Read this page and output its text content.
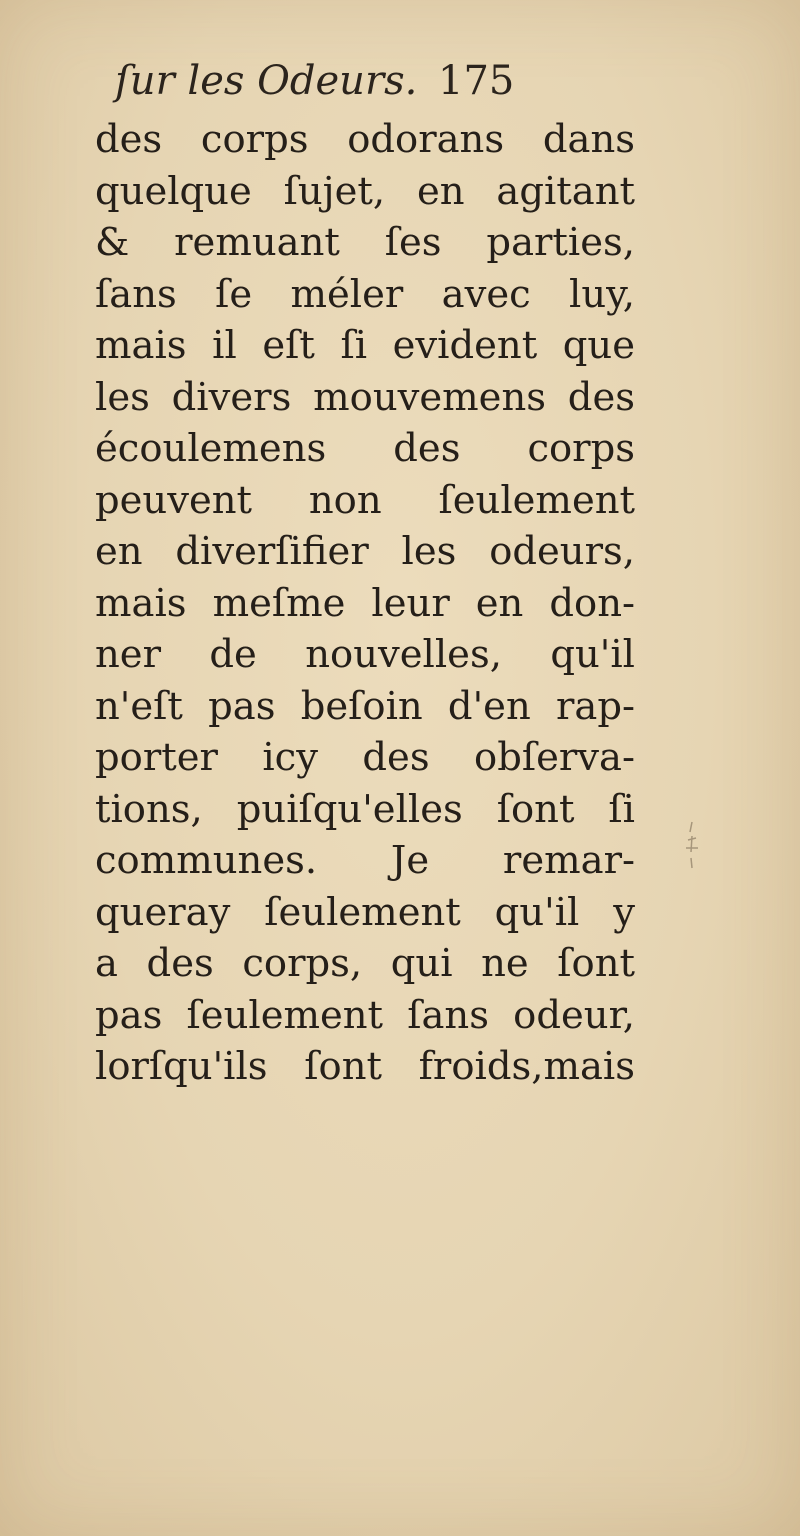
ſur les Odeurs. 175
des corps odorans dans
quelque ſujet, en agitant
& remuant ſes parties,
ſans ſe méler avec luy,
mais il eſt ſi evident que
les divers mouvemens des
écoulemens des corps
peuvent non ſeulement
en diverſifier les odeurs,
mais meſme leur en don-
ner de nouvelles, qu'il
n'eſt pas beſoin d'en rap-
porter icy des obſerva-
tions, puiſqu'elles ſont ſi
communes. Je remar-
queray ſeulement qu'il y
a des corps, qui ne ſont
pas ſeulement ſans odeur,
lorſqu'ils ſont froids,mais
